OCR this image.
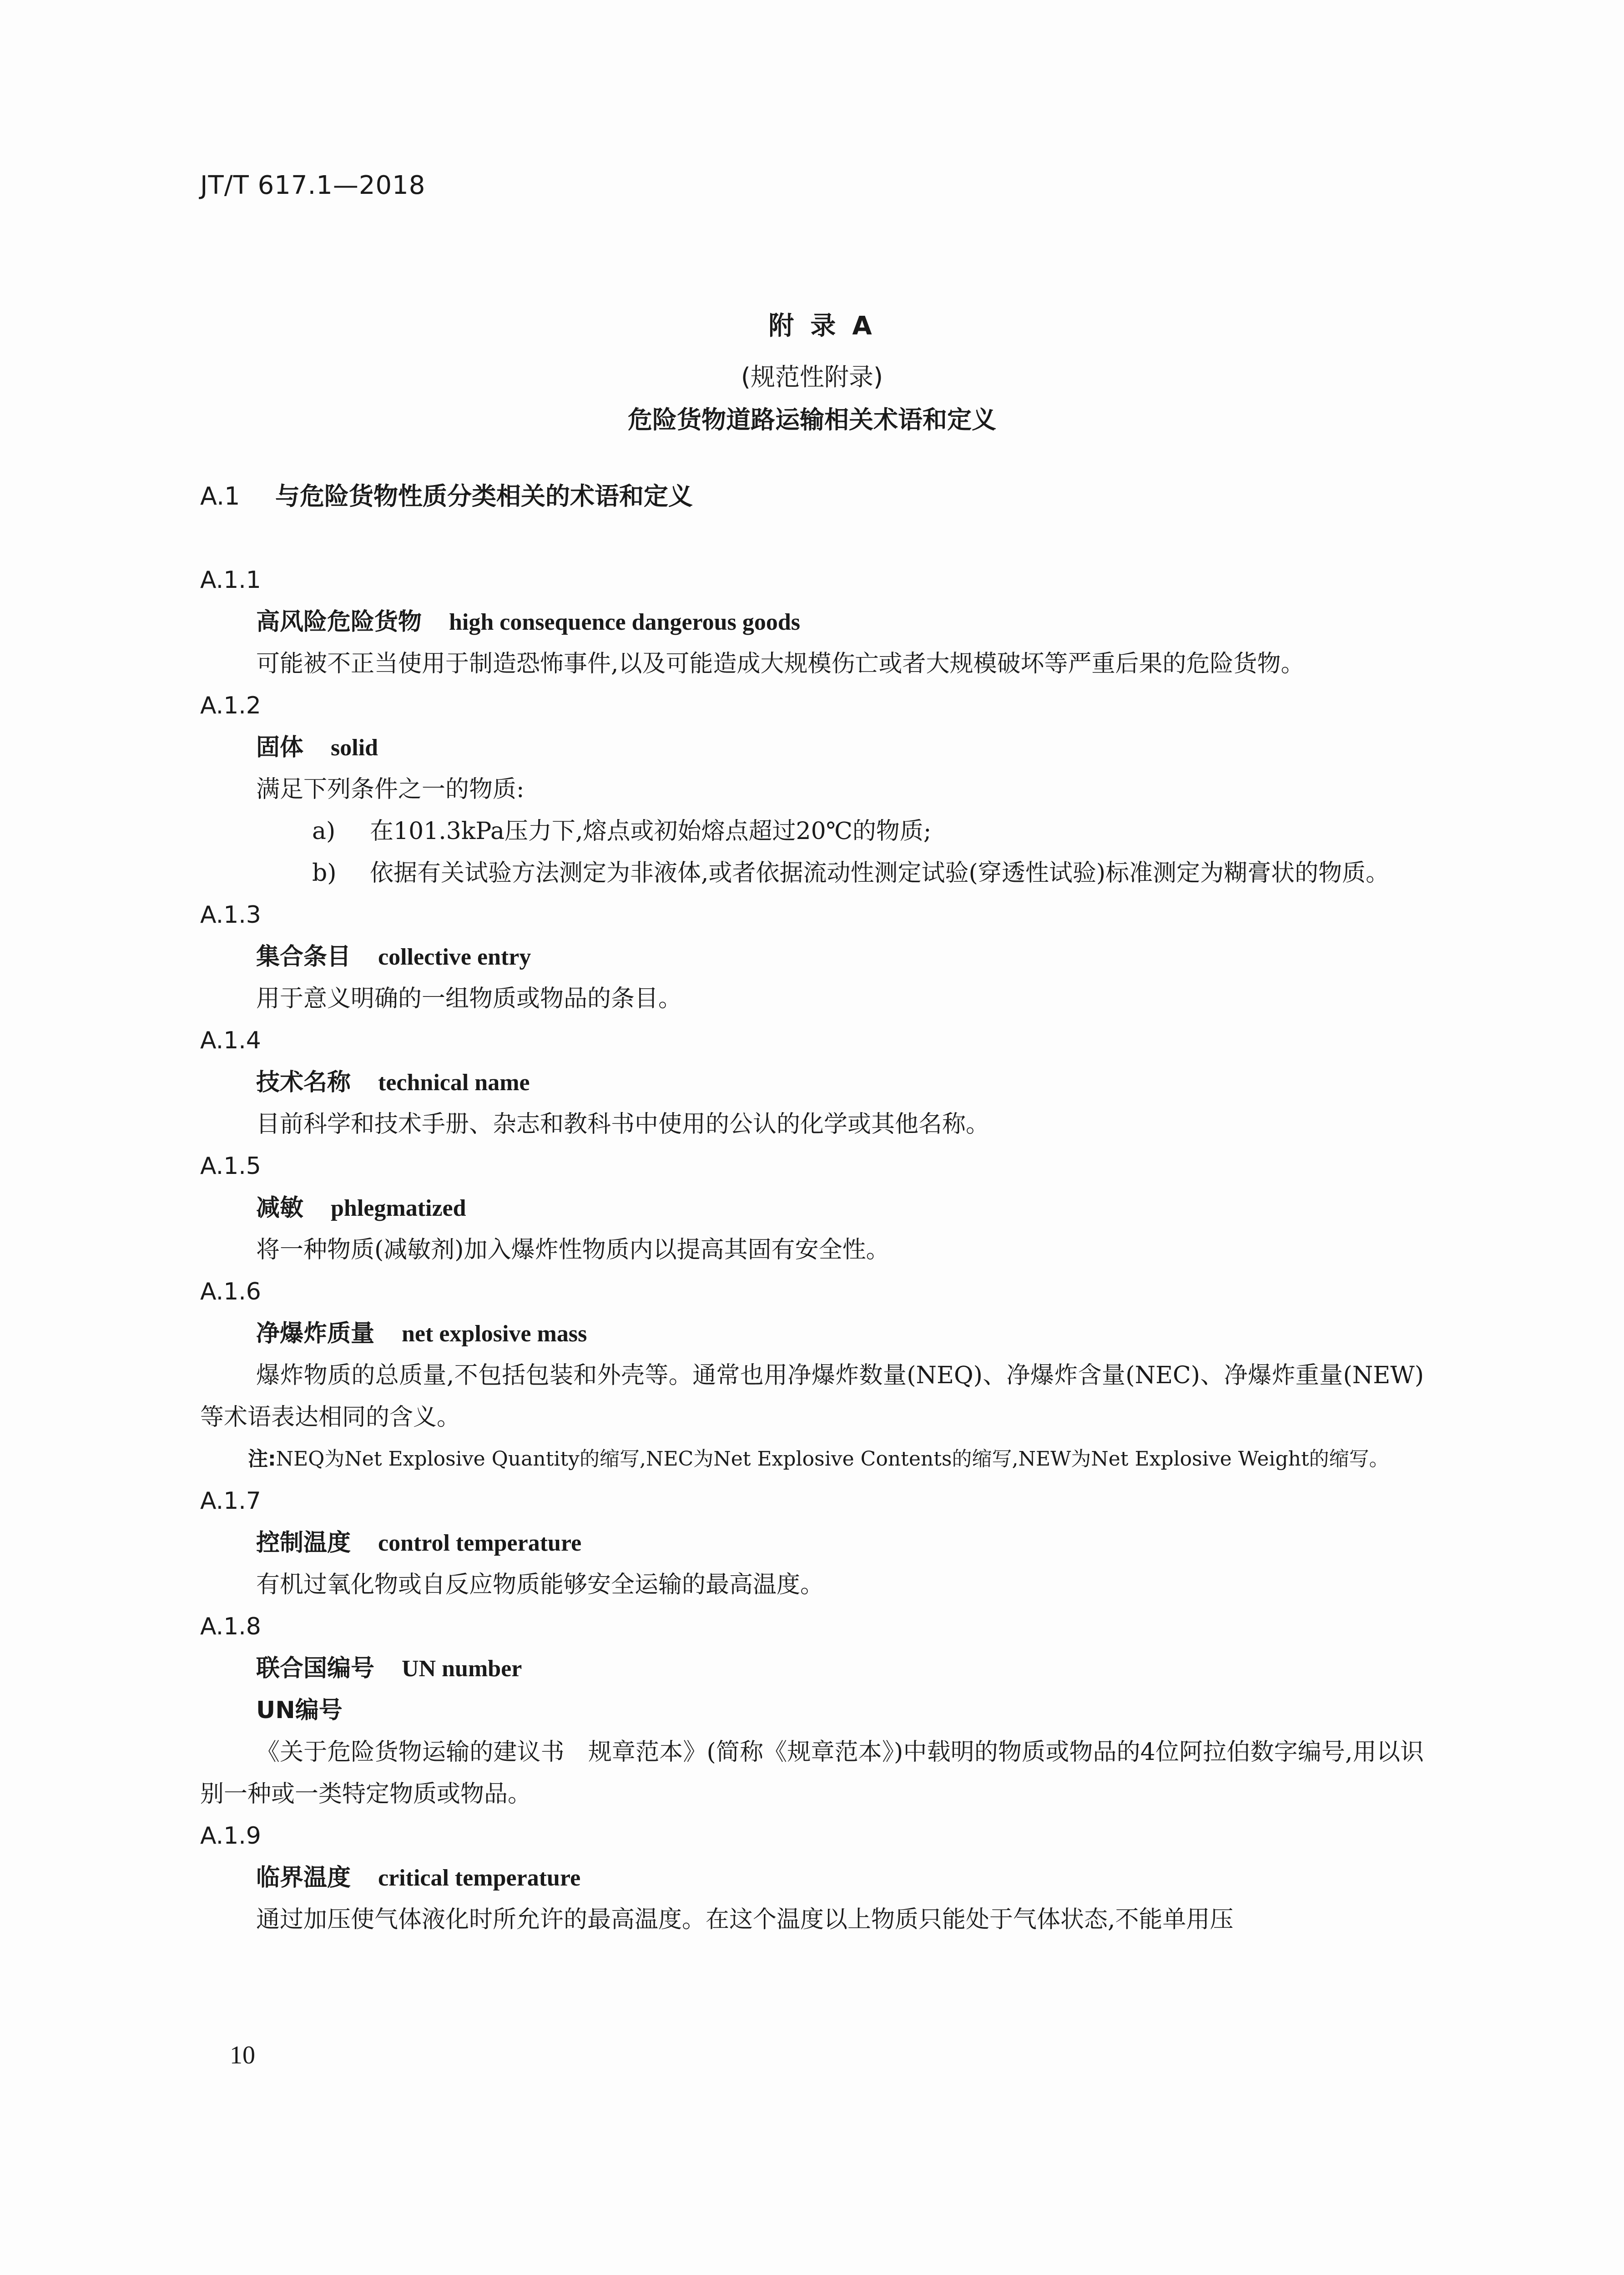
JT/T 617.1—2018
附录A
(规范性附录)
危险货物道路运输相关术语和定义
A.1 与危险货物性质分类相关的术语和定义
A.1.1
高风险危险货物 high consequence dangerous goods
可能被不正当使用于制造恐怖事件,以及可能造成大规模伤亡或者大规模破坏等严重后果的危险货物。
A.1.2
固体 solid
满足下列条件之一的物质:
a) 在101.3kPa压力下,熔点或初始熔点超过20℃的物质;
b) 依据有关试验方法测定为非液体,或者依据流动性测定试验(穿透性试验)标准测定为糊膏状的物质。
A.1.3
集合条目 collective entry
用于意义明确的一组物质或物品的条目。
A.1.4
技术名称 technical name
目前科学和技术手册、杂志和教科书中使用的公认的化学或其他名称。
A.1.5
减敏 phlegmatized
将一种物质(减敏剂)加入爆炸性物质内以提高其固有安全性。
A.1.6
净爆炸质量 net explosive mass
爆炸物质的总质量,不包括包装和外壳等。通常也用净爆炸数量(NEQ)、净爆炸含量(NEC)、净爆炸重量(NEW)等术语表达相同的含义。
注:NEQ为Net Explosive Quantity的缩写,NEC为Net Explosive Contents的缩写,NEW为Net Explosive Weight的缩写。
A.1.7
控制温度 control temperature
有机过氧化物或自反应物质能够安全运输的最高温度。
A.1.8
联合国编号 UN number
UN编号
《关于危险货物运输的建议书　规章范本》(简称《规章范本》)中载明的物质或物品的4位阿拉伯数字编号,用以识别一种或一类特定物质或物品。
A.1.9
临界温度 critical temperature
通过加压使气体液化时所允许的最高温度。在这个温度以上物质只能处于气体状态,不能单用压
10
